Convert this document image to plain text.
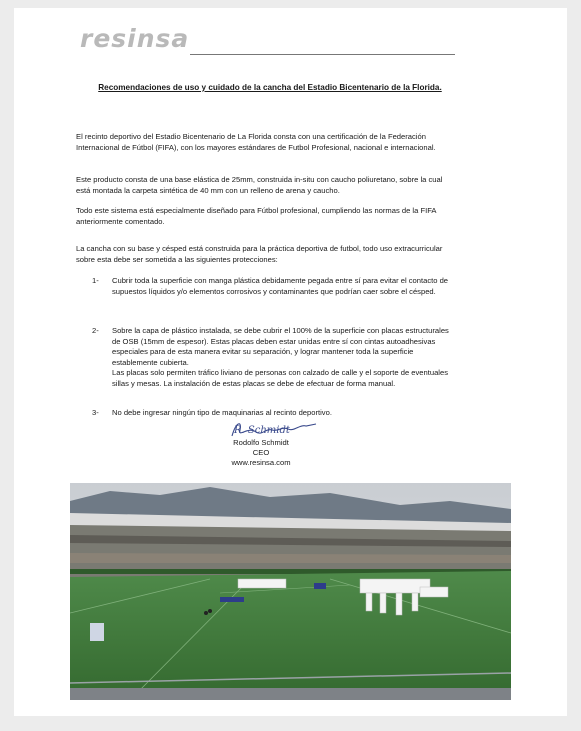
resinsa
Recomendaciones de uso y cuidado de la cancha del Estadio Bicentenario de la Florida.
El recinto deportivo del Estadio Bicentenario de La Florida consta con una certificación de la Federación Internacional de Fútbol (FIFA), con los mayores estándares de Futbol Profesional, nacional e internacional.
Este producto consta de una base elástica de 25mm, construida in-situ con caucho poliuretano, sobre la cual está montada la carpeta sintética de 40 mm con un relleno de arena y caucho.
Todo este sistema está especialmente diseñado para Fútbol profesional, cumpliendo las normas de la FIFA anteriormente comentado.
La cancha con su base y césped está construida para la práctica deportiva de futbol, todo uso extracurricular sobre esta debe ser sometida a las siguientes protecciones:
1-	Cubrir toda la superficie con manga plástica debidamente pegada entre sí para evitar el contacto de supuestos líquidos y/o elementos corrosivos y contaminantes que podrían caer sobre el césped.
2-	Sobre la capa de plástico instalada, se debe cubrir el 100% de la superficie con placas estructurales de OSB (15mm de espesor). Estas placas deben estar unidas entre sí con cintas autoadhesivas especiales para de esta manera evitar su separación, y lograr mantener toda la superficie establemente cubierta.
Las placas solo permiten tráfico liviano de personas con calzado de calle y el soporte de eventuales sillas y mesas. La instalación de estas placas se debe de efectuar de forma manual.
3-	No debe ingresar ningún tipo de maquinarias al recinto deportivo.
R. Schmidt
Rodolfo Schmidt
CEO
www.resinsa.com
